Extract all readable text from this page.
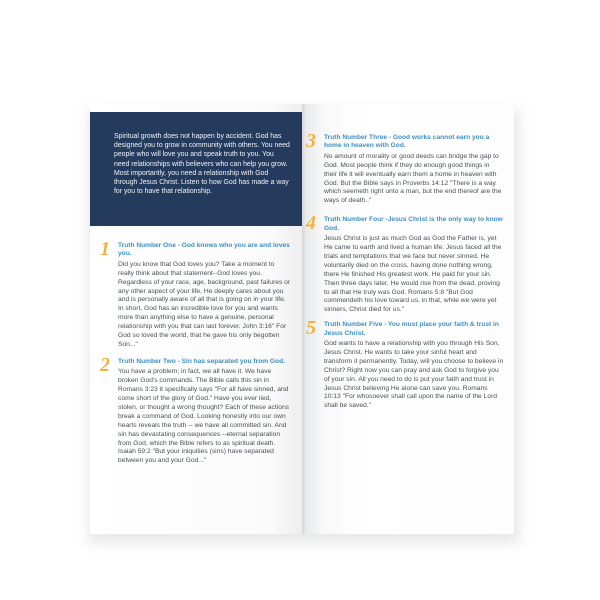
Spiritual growth does not happen by accident. God has designed you to grow in community with others. You need people who will love you and speak truth to you. You need relationships with believers who can help you grow. Most importantly, you need a relationship with God through Jesus Christ. Listen to how God has made a way for you to have that relationship.
1 Truth Number One - God knows who you are and loves you.
Did you know that God loves you? Take a moment to really think about that statement--God loves you. Regardless of your race, age, background, past failures or any other aspect of your life, He deeply cares about you and is personally aware of all that is going on in your life. In short, God has an incredible love for you and wants more than anything else to have a genuine, personal relationship with you that can last forever. John 3:16" For God so loved the world, that he gave his only begotten Son..."
2 Truth Number Two - Sin has separated you from God.
You have a problem; in fact, we all have it. We have broken God's commands. The Bible calls this sin in Romans 3:23 it specifically says "For all have sinned, and come short of the glory of God." Have you ever lied, stolen, or thought a wrong thought? Each of these actions break a command of God. Looking honestly into our own hearts reveals the truth -- we have all committed sin. And sin has devastating consequences --eternal separation from God, which the Bible refers to as spiritual death. Isaiah 59:2 "But your iniquities (sins) have separated between you and your God..."
3 Truth Number Three - Good works cannot earn you a home in heaven with God.
No amount of morality or good deeds can bridge the gap to God. Most people think if they do enough good things in their life it will eventually earn them a home in heaven with God. But the Bible says in Proverbs 14:12 "There is a way which seemeth right unto a man, but the end thereof are the ways of death.."
4 Truth Number Four -Jesus Christ is the only way to know God.
Jesus Christ is just as much God as God the Father is, yet He came to earth and lived a human life. Jesus faced all the trials and temptations that we face but never sinned. He voluntarily died on the cross, having done nothing wrong, there He finished His greatest work. He paid for your sin. Then three days later, He would rise from the dead, proving to all that He truly was God. Romans 5:8 "But God commendeth his love toward us, in that, while we were yet sinners, Christ died for us."
5 Truth Number Five - You must place your faith & trust in Jesus Christ.
God wants to have a relationship with you through His Son, Jesus Christ. He wants to take your sinful heart and transform it permanently. Today, will you choose to believe in Christ? Right now you can pray and ask God to forgive you of your sin. All you need to do is put your faith and trust in Jesus Christ believing He alone can save you. Romans 10:13 "For whosoever shall call upon the name of the Lord shall be saved."
